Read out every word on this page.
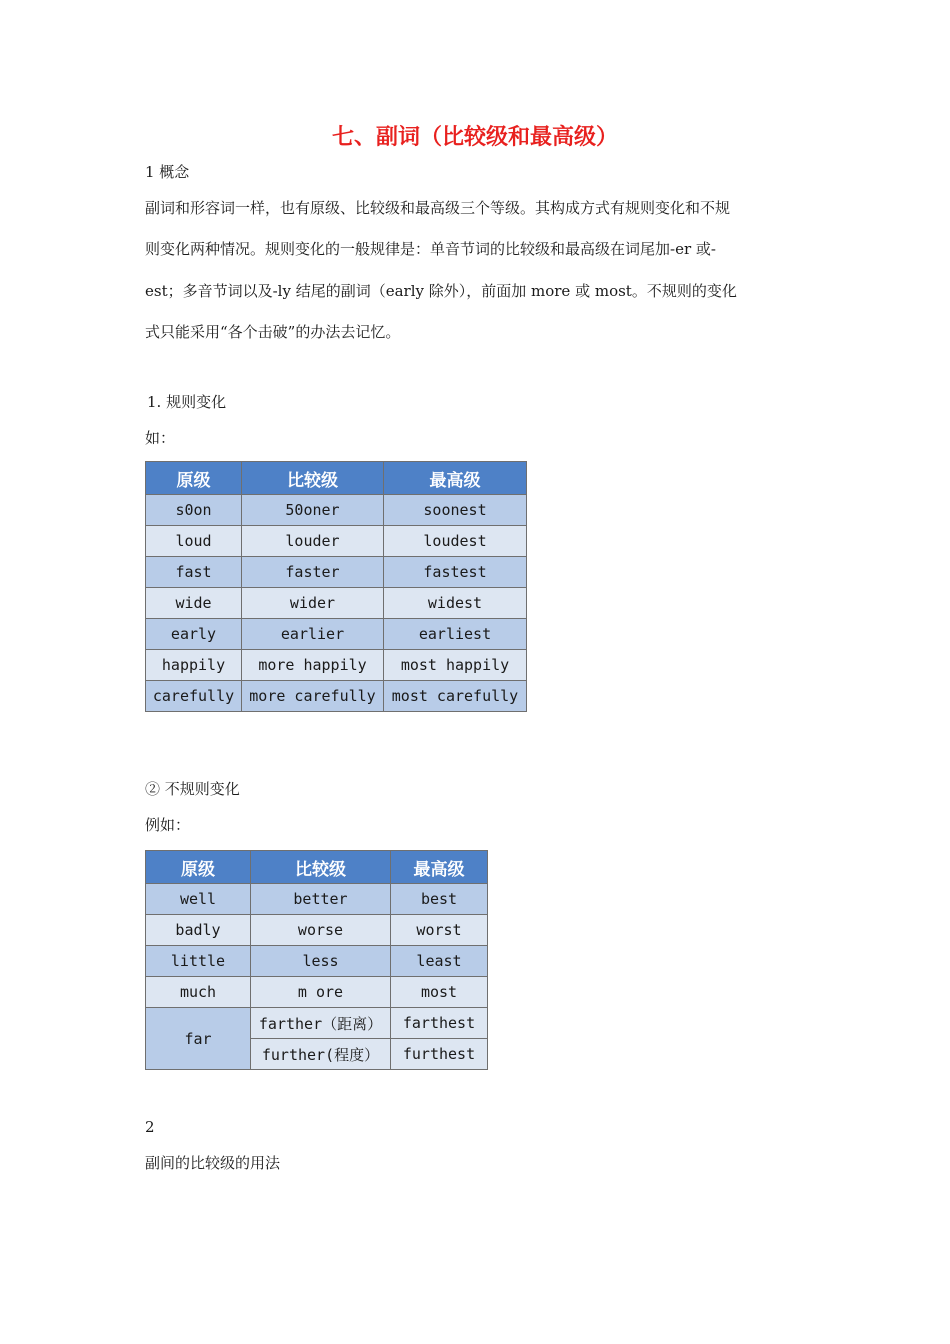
七、副词（比较级和最高级）
1 概念
副词和形容词一样，也有原级、比较级和最高级三个等级。其构成方式有规则变化和不规
则变化两种情况。规则变化的一般规律是：单音节词的比较级和最高级在词尾加-er 或-
est；多音节词以及-ly 结尾的副词（early 除外），前面加 more 或 most。不规则的变化
式只能采用“各个击破”的办法去记忆。
1. 规则变化
如：
原级	比较级	最高级
s0on	50oner	soonest
loud	louder	loudest
fast	faster	fastest
wide	wider	widest
early	earlier	earliest
happily	more happily	most happily
carefully	more carefully	most carefully
② 不规则变化
例如：
原级	比较级	最高级
well	better	best
badly	worse	worst
little	less	least
much	m ore	most
far	farther（距离）	farthest
	further(程度）	furthest
2
副间的比较级的用法
